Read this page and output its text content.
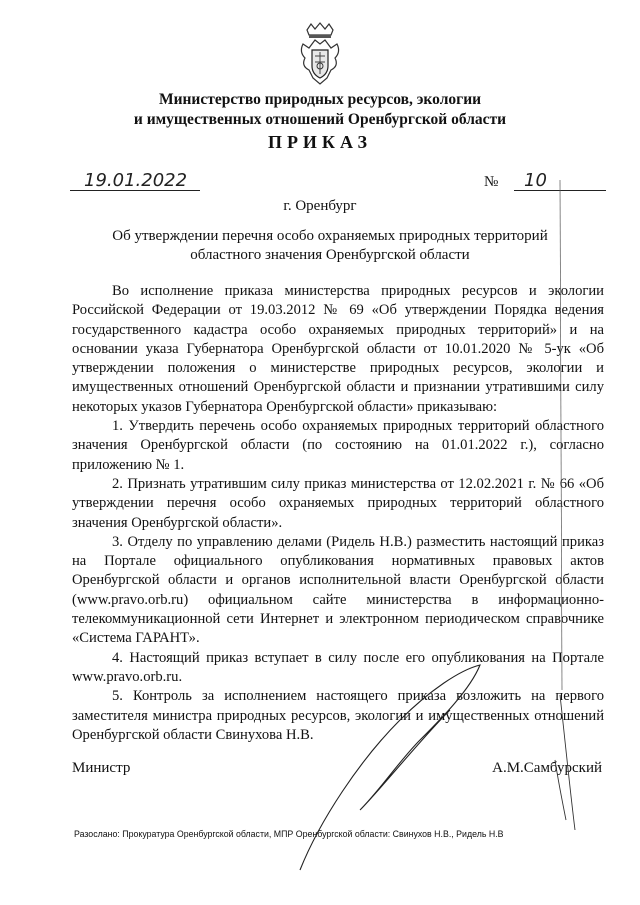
Министерство природных ресурсов, экологии
и имущественных отношений Оренбургской области
ПРИКАЗ
19.01.2022	№ 10
г. Оренбург
Об утверждении перечня особо охраняемых природных территорий
областного значения Оренбургской области

Во исполнение приказа министерства природных ресурсов и экологии Российской Федерации от 19.03.2012 № 69 «Об утверждении Порядка ведения государственного кадастра особо охраняемых природных территорий» и на основании указа Губернатора Оренбургской области от 10.01.2020 № 5-ук «Об утверждении положения о министерстве природных ресурсов, экологии и имущественных отношений Оренбургской области и признании утратившими силу некоторых указов Губернатора Оренбургской области» приказываю:

1. Утвердить перечень особо охраняемых природных территорий областного значения Оренбургской области (по состоянию на 01.01.2022 г.), согласно приложению № 1.

2. Признать утратившим силу приказ министерства от 12.02.2021 г. № 66 «Об утверждении перечня особо охраняемых природных территорий областного значения Оренбургской области».

3. Отделу по управлению делами (Ридель Н.В.) разместить настоящий приказ на Портале официального опубликования нормативных правовых актов Оренбургской области и органов исполнительной власти Оренбургской области (www.pravo.orb.ru) официальном сайте министерства в информационно-телекоммуникационной сети Интернет и электронном периодическом справочнике «Система ГАРАНТ».

4. Настоящий приказ вступает в силу после его опубликования на Портале www.pravo.orb.ru.

5. Контроль за исполнением настоящего приказа возложить на первого заместителя министра природных ресурсов, экологии и имущественных отношений Оренбургской области Свинухова Н.В.

Министр	А.М.Самбурский
Разослано: Прокуратура Оренбургской области, МПР Оренбургской области: Свинухов Н.В., Ридель Н.В
